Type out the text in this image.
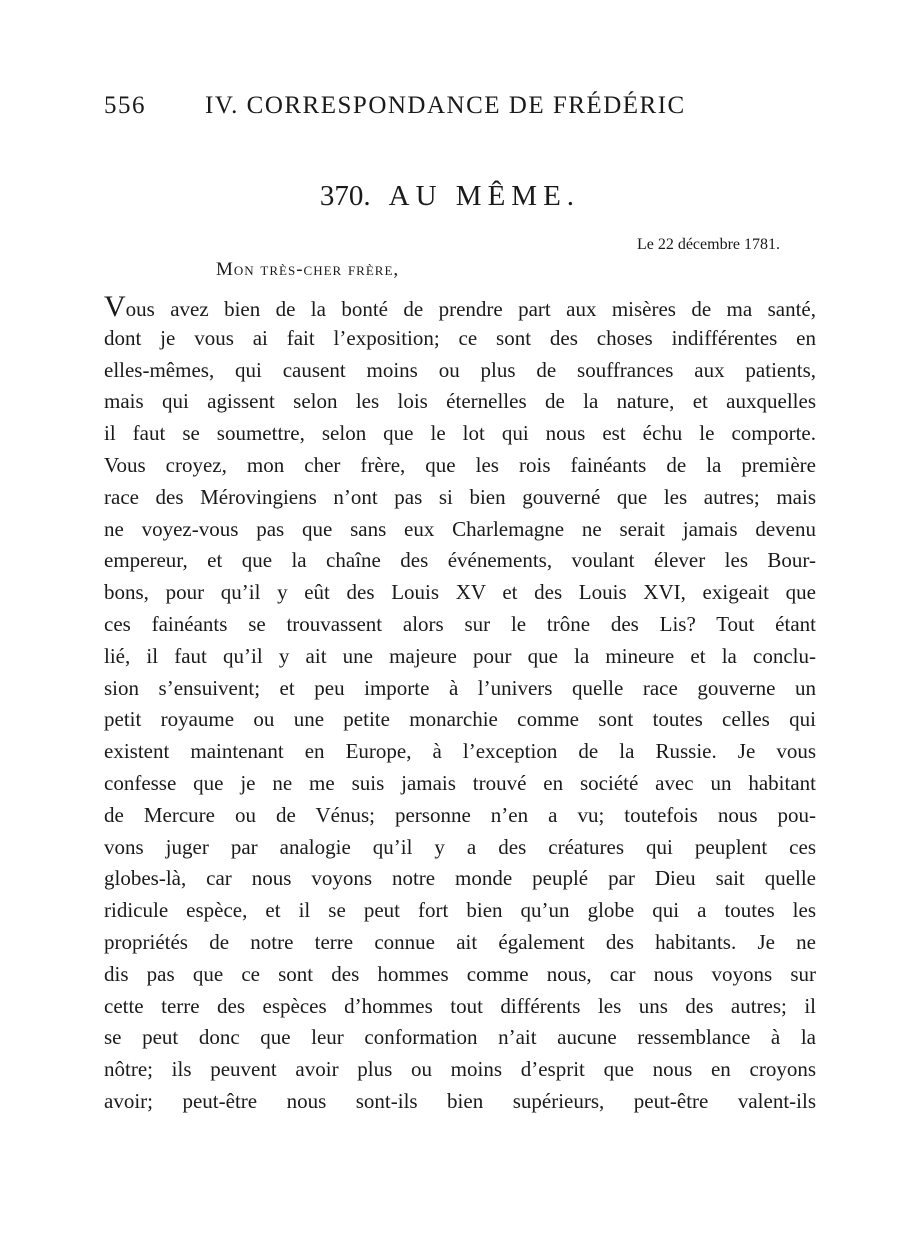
556 IV. CORRESPONDANCE DE FRÉDÉRIC
370. AU MÊME.
Le 22 décembre 1781.
Mon très-cher frère,
Vous avez bien de la bonté de prendre part aux misères de ma santé,
dont je vous ai fait l’exposition; ce sont des choses indifférentes en
elles-mêmes, qui causent moins ou plus de souffrances aux patients,
mais qui agissent selon les lois éternelles de la nature, et auxquelles
il faut se soumettre, selon que le lot qui nous est échu le comporte.
Vous croyez, mon cher frère, que les rois fainéants de la première
race des Mérovingiens n’ont pas si bien gouverné que les autres; mais
ne voyez-vous pas que sans eux Charlemagne ne serait jamais devenu
empereur, et que la chaîne des événements, voulant élever les Bour-
bons, pour qu’il y eût des Louis XV et des Louis XVI, exigeait que
ces fainéants se trouvassent alors sur le trône des Lis? Tout étant
lié, il faut qu’il y ait une majeure pour que la mineure et la conclu-
sion s’ensuivent; et peu importe à l’univers quelle race gouverne un
petit royaume ou une petite monarchie comme sont toutes celles qui
existent maintenant en Europe, à l’exception de la Russie. Je vous
confesse que je ne me suis jamais trouvé en société avec un habitant
de Mercure ou de Vénus; personne n’en a vu; toutefois nous pou-
vons juger par analogie qu’il y a des créatures qui peuplent ces
globes-là, car nous voyons notre monde peuplé par Dieu sait quelle
ridicule espèce, et il se peut fort bien qu’un globe qui a toutes les
propriétés de notre terre connue ait également des habitants. Je ne
dis pas que ce sont des hommes comme nous, car nous voyons sur
cette terre des espèces d’hommes tout différents les uns des autres; il
se peut donc que leur conformation n’ait aucune ressemblance à la
nôtre; ils peuvent avoir plus ou moins d’esprit que nous en croyons
avoir; peut-être nous sont-ils bien supérieurs, peut-être valent-ils
